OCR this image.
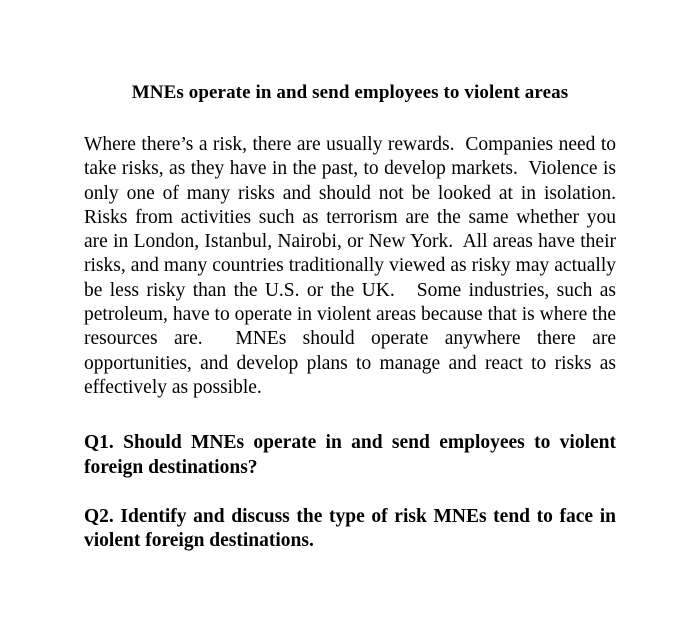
MNEs operate in and send employees to violent areas

Where there’s a risk, there are usually rewards.  Companies need to take risks, as they have in the past, to develop markets.  Violence is only one of many risks and should not be looked at in isolation.   Risks from activities such as terrorism are the same whether you are in London, Istanbul, Nairobi, or New York.  All areas have their risks, and many countries traditionally viewed as risky may actually be less risky than the U.S. or the UK.   Some industries, such as petroleum, have to operate in violent areas because that is where the resources are.  MNEs should operate anywhere there are opportunities, and develop plans to manage and react to risks as effectively as possible.

Q1. Should MNEs operate in and send employees to violent foreign destinations?

Q2. Identify and discuss the type of risk MNEs tend to face in violent foreign destinations.
